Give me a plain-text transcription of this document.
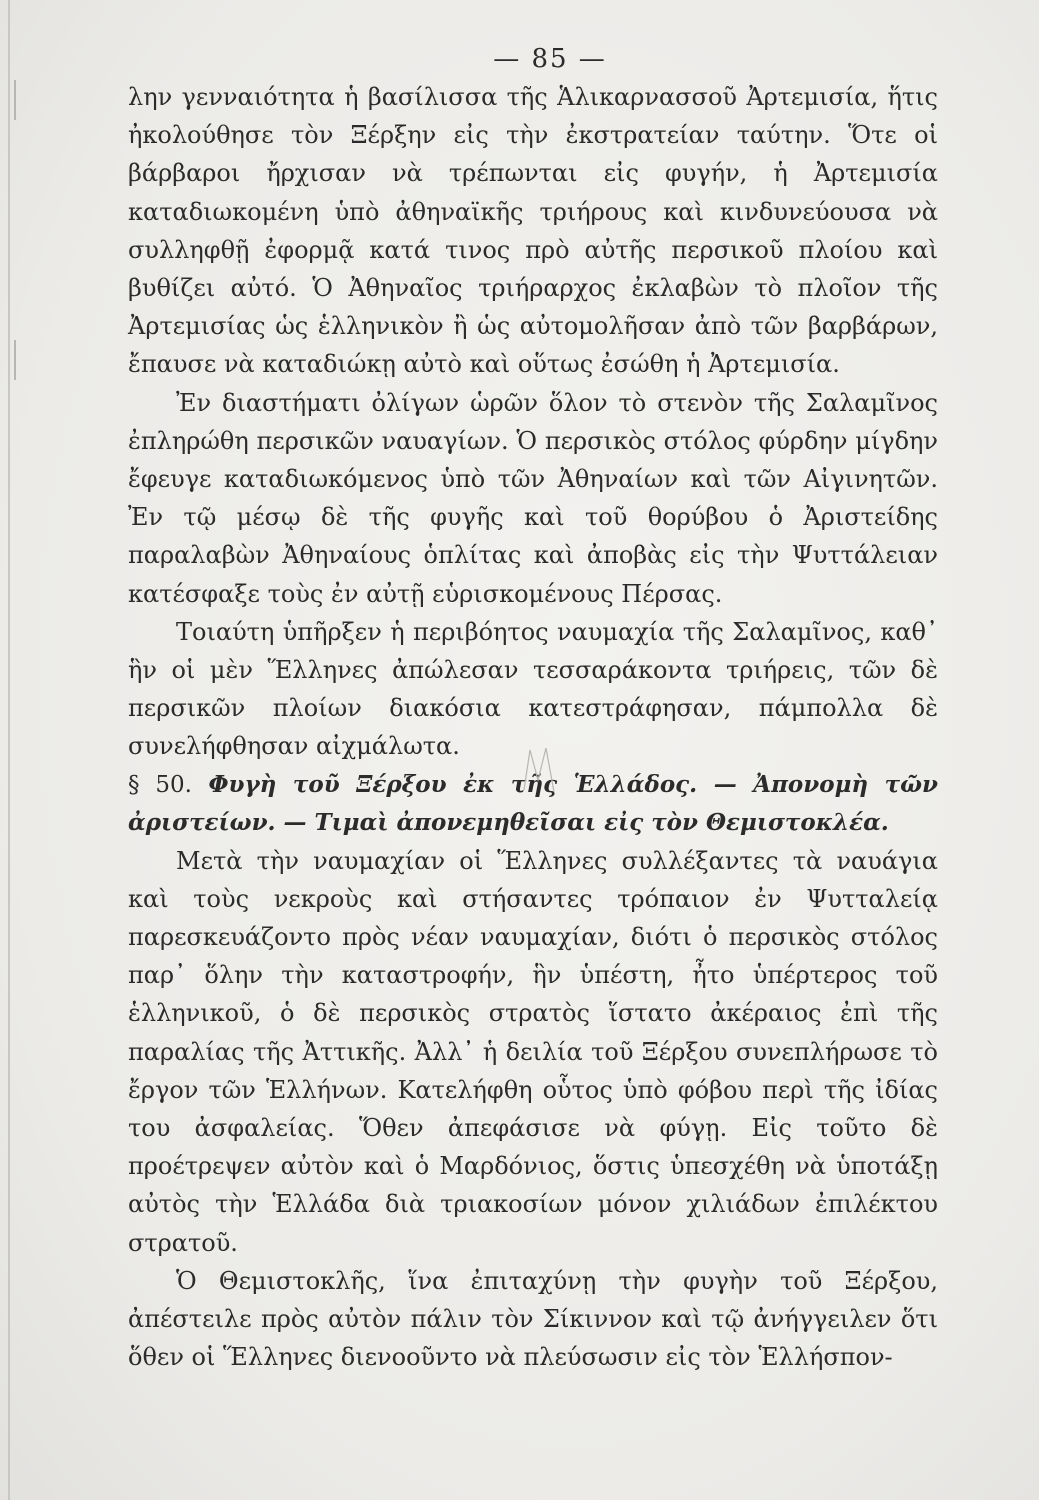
— 85 —

λην γενναιότητα ἡ βασίλισσα τῆς Ἁλικαρνασσοῦ Ἀρτεμισία, ἥτις ἠκολούθησε τὸν Ξέρξην εἰς τὴν ἐκστρατείαν ταύτην. Ὅτε οἱ βάρβαροι ἤρχισαν νὰ τρέπωνται εἰς φυγήν, ἡ Ἀρτεμισία καταδιωκομένη ὑπὸ ἀθηναϊκῆς τριήρους καὶ κινδυνεύουσα νὰ συλληφθῇ ἐφορμᾷ κατά τινος πρὸ αὐτῆς περσικοῦ πλοίου καὶ βυθίζει αὐτό. Ὁ Ἀθηναῖος τριήραρχος ἐκλαβὼν τὸ πλοῖον τῆς Ἀρτεμισίας ὡς ἑλληνικὸν ἢ ὡς αὐτομολῆσαν ἀπὸ τῶν βαρβάρων, ἔπαυσε νὰ καταδιώκῃ αὐτὸ καὶ οὕτως ἐσώθη ἡ Ἀρτεμισία.

Ἐν διαστήματι ὀλίγων ὡρῶν ὅλον τὸ στενὸν τῆς Σαλαμῖνος ἐπληρώθη περσικῶν ναυαγίων. Ὁ περσικὸς στόλος φύρδην μίγδην ἔφευγε καταδιωκόμενος ὑπὸ τῶν Ἀθηναίων καὶ τῶν Αἰγινητῶν. Ἐν τῷ μέσῳ δὲ τῆς φυγῆς καὶ τοῦ θορύβου ὁ Ἀριστείδης παραλαβὼν Ἀθηναίους ὁπλίτας καὶ ἀποβὰς εἰς τὴν Ψυττάλειαν κατέσφαξε τοὺς ἐν αὐτῇ εὑρισκομένους Πέρσας.

Τοιαύτη ὑπῆρξεν ἡ περιβόητος ναυμαχία τῆς Σαλαμῖνος, καθ᾽ ἣν οἱ μὲν Ἕλληνες ἀπώλεσαν τεσσαράκοντα τριήρεις, τῶν δὲ περσικῶν πλοίων διακόσια κατεστράφησαν, πάμπολλα δὲ συνελήφθησαν αἰχμάλωτα.

§ 50. Φυγὴ τοῦ Ξέρξου ἐκ τῆς Ἑλλάδος. — Ἀπονομὴ τῶν ἀριστείων. — Τιμαὶ ἀπονεμηθεῖσαι εἰς τὸν Θεμιστοκλέα.

Μετὰ τὴν ναυμαχίαν οἱ Ἕλληνες συλλέξαντες τὰ ναυάγια καὶ τοὺς νεκροὺς καὶ στήσαντες τρόπαιον ἐν Ψυτταλείᾳ παρεσκευάζοντο πρὸς νέαν ναυμαχίαν, διότι ὁ περσικὸς στόλος παρ᾽ ὅλην τὴν καταστροφήν, ἣν ὑπέστη, ἦτο ὑπέρτερος τοῦ ἑλληνικοῦ, ὁ δὲ περσικὸς στρατὸς ἵστατο ἀκέραιος ἐπὶ τῆς παραλίας τῆς Ἀττικῆς. Ἀλλ᾽ ἡ δειλία τοῦ Ξέρξου συνεπλήρωσε τὸ ἔργον τῶν Ἑλλήνων. Κατελήφθη οὗτος ὑπὸ φόβου περὶ τῆς ἰδίας του ἀσφαλείας. Ὅθεν ἀπεφάσισε νὰ φύγῃ. Εἰς τοῦτο δὲ προέτρεψεν αὐτὸν καὶ ὁ Μαρδόνιος, ὅστις ὑπεσχέθη νὰ ὑποτάξῃ αὐτὸς τὴν Ἑλλάδα διὰ τριακοσίων μόνον χιλιάδων ἐπιλέκτου στρατοῦ.

Ὁ Θεμιστοκλῆς, ἵνα ἐπιταχύνῃ τὴν φυγὴν τοῦ Ξέρξου, ἀπέστειλε πρὸς αὐτὸν πάλιν τὸν Σίκιννον καὶ τῷ ἀνήγγειλεν ὅτι ὅθεν οἱ Ἕλληνες διενοοῦντο νὰ πλεύσωσιν εἰς τὸν Ἑλλήσπον-
